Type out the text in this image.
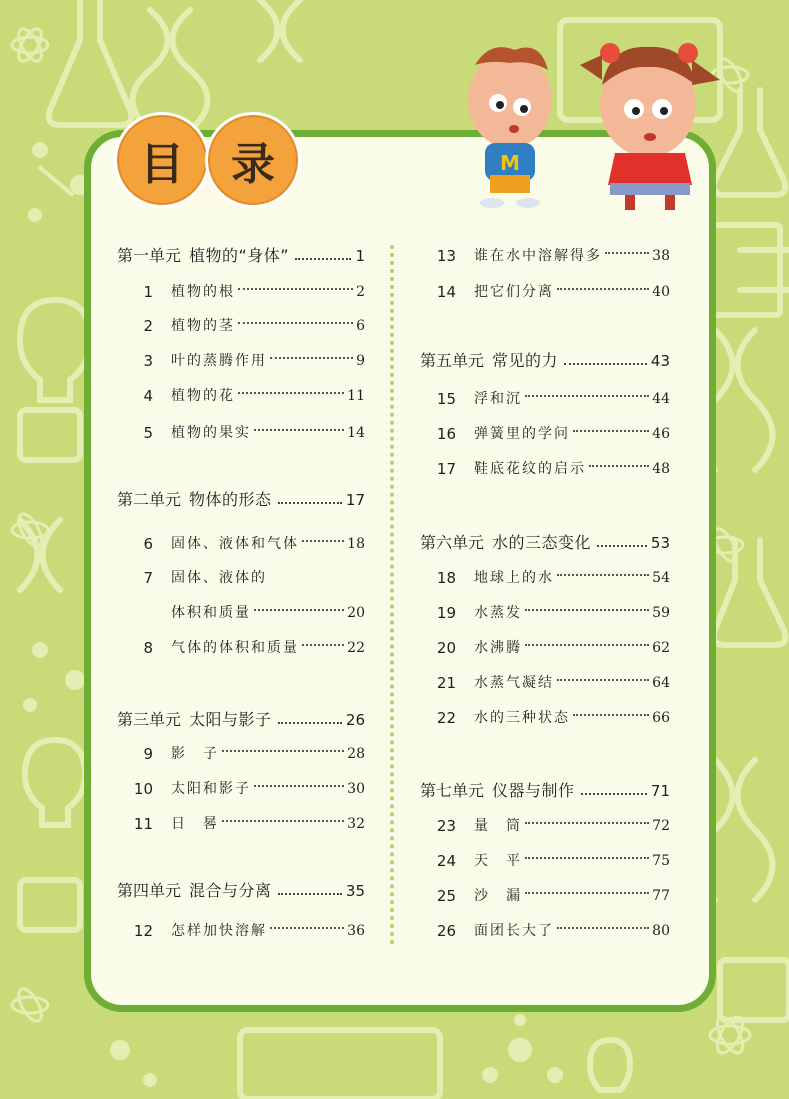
M
目	录
第一单元 植物的“身体”	1
1 植物的根	2
2 植物的茎	6
3 叶的蒸腾作用	9
4 植物的花	11
5 植物的果实	14
第二单元 物体的形态	17
6 固体、液体和气体	18
7 固体、液体的
体积和质量	20
8 气体的体积和质量	22
第三单元 太阳与影子	26
9 影　子	28
10 太阳和影子	30
11 日　晷	32
第四单元 混合与分离	35
12 怎样加快溶解	36
13 谁在水中溶解得多	38
14 把它们分离	40
第五单元 常见的力	43
15 浮和沉	44
16 弹簧里的学问	46
17 鞋底花纹的启示	48
第六单元 水的三态变化	53
18 地球上的水	54
19 水蒸发	59
20 水沸腾	62
21 水蒸气凝结	64
22 水的三种状态	66
第七单元 仪器与制作	71
23 量　筒	72
24 天　平	75
25 沙　漏	77
26 面团长大了	80
